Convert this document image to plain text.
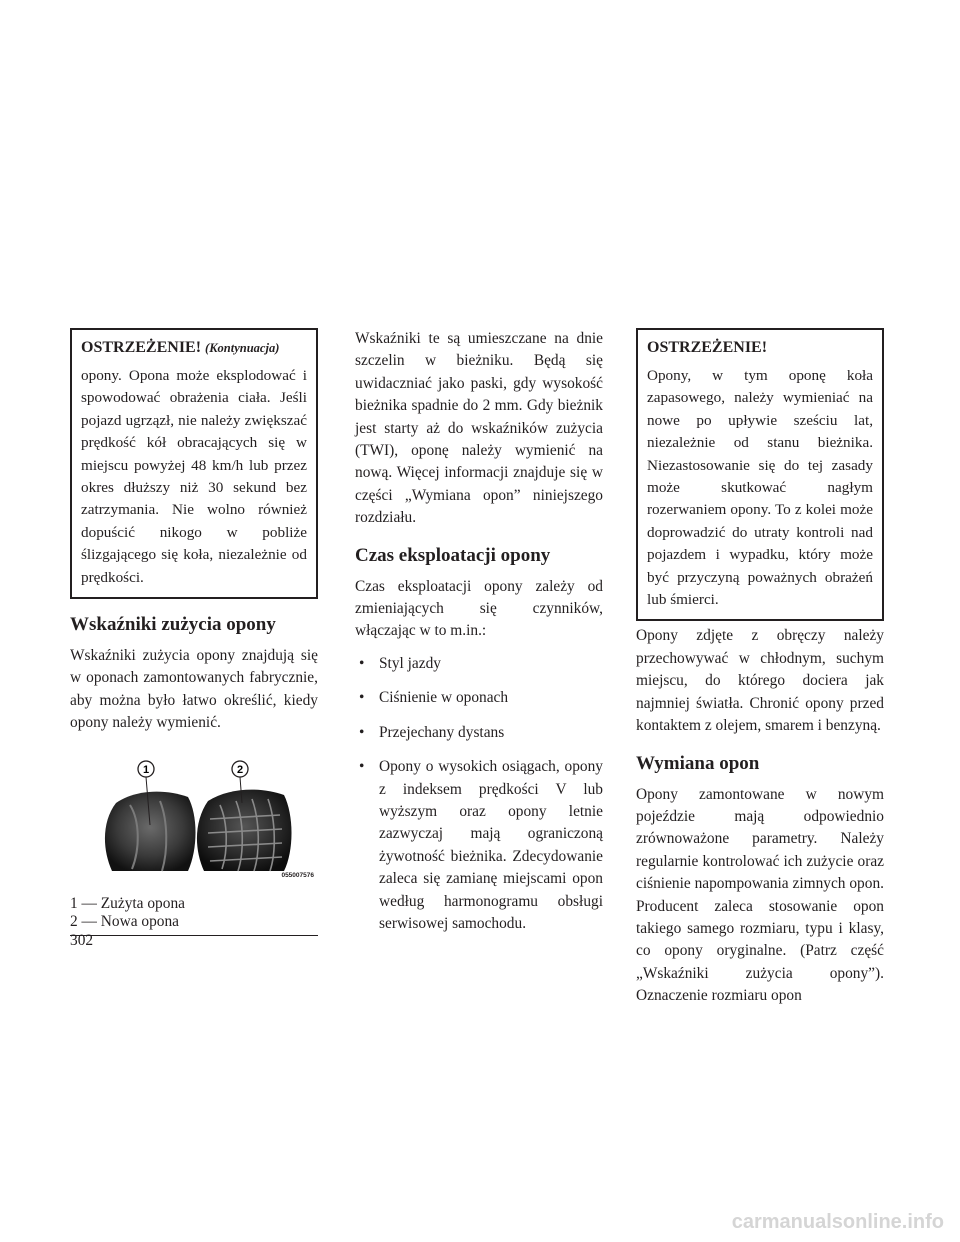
OSTRZEŻENIE! (Kontynuacja)

opony. Opona może eksplodować i spowodować obrażenia ciała. Jeśli pojazd ugrzązł, nie należy zwiększać prędkość kół obracających się w miejscu powyżej 48 km/h lub przez okres dłuższy niż 30 sekund bez zatrzymania. Nie wolno również dopuścić nikogo w pobliże ślizgającego się koła, niezależnie od prędkości.

Wskaźniki zużycia opony

Wskaźniki zużycia opony znajdują się w oponach zamontowanych fabrycznie, aby można było łatwo określić, kiedy opony należy wymienić.

1	2
055007576
1 — Zużyta opona
2 — Nowa opona

Wskaźniki te są umieszczane na dnie szczelin w bieżniku. Będą się uwidaczniać jako paski, gdy wysokość bieżnika spadnie do 2 mm. Gdy bieżnik jest starty aż do wskaźników zużycia (TWI), oponę należy wymienić na nową. Więcej informacji znajduje się w części „Wymiana opon” niniejszego rozdziału.

Czas eksploatacji opony

Czas eksploatacji opony zależy od zmieniających się czynników, włączając w to m.in.:

• Styl jazdy
• Ciśnienie w oponach
• Przejechany dystans
• Opony o wysokich osiągach, opony z indeksem prędkości V lub wyższym oraz opony letnie zazwyczaj mają ograniczoną żywotność bieżnika. Zdecydowanie zaleca się zamianę miejscami opon według harmonogramu obsługi serwisowej samochodu.
OSTRZEŻENIE!

Opony, w tym oponę koła zapasowego, należy wymieniać na nowe po upływie sześciu lat, niezależnie od stanu bieżnika. Niezastosowanie się do tej zasady może skutkować nagłym rozerwaniem opony. To z kolei może doprowadzić do utraty kontroli nad pojazdem i wypadku, który może być przyczyną poważnych obrażeń lub śmierci.

Opony zdjęte z obręczy należy przechowywać w chłodnym, suchym miejscu, do którego dociera jak najmniej światła. Chronić opony przed kontaktem z olejem, smarem i benzyną.

Wymiana opon

Opony zamontowane w nowym pojeździe mają odpowiednio zrównoważone parametry. Należy regularnie kontrolować ich zużycie oraz ciśnienie napompowania zimnych opon. Producent zaleca stosowanie opon takiego samego rozmiaru, typu i klasy, co opony oryginalne. (Patrz część „Wskaźniki zużycia opony”). Oznaczenie rozmiaru opon

302
carmanualsonline.info
